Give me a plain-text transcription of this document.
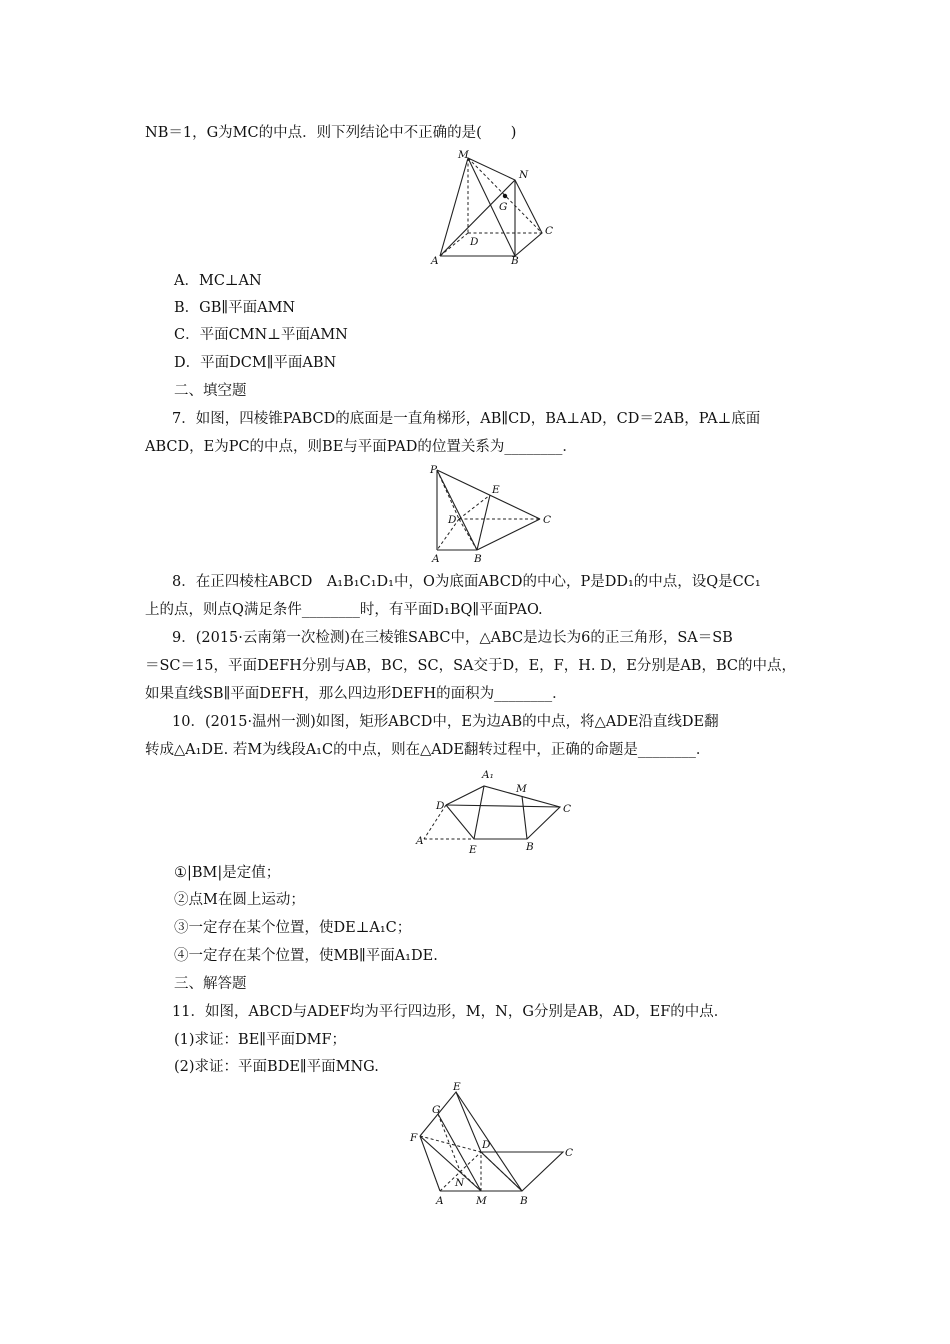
NB＝1，G为MC的中点．则下列结论中不正确的是(　　)
M
N
G
D
C
A	B
A．MC⊥AN
B．GB∥平面AMN
C．平面CMN⊥平面AMN
D．平面DCM∥平面ABN
二、填空题
7．如图，四棱锥PABCD的底面是一直角梯形，AB∥CD，BA⊥AD，CD＝2AB，PA⊥底面
ABCD，E为PC的中点，则BE与平面PAD的位置关系为________．
P
E
D	C
A	B
8．在正四棱柱ABCD　A₁B₁C₁D₁中，O为底面ABCD的中心，P是DD₁的中点，设Q是CC₁
上的点，则点Q满足条件________时，有平面D₁BQ∥平面PAO.
9．(2015·云南第一次检测)在三棱锥SABC中，△ABC是边长为6的正三角形，SA＝SB
＝SC＝15，平面DEFH分别与AB，BC，SC，SA交于D，E，F，H. D，E分别是AB，BC的中点，
如果直线SB∥平面DEFH，那么四边形DEFH的面积为________．
10．(2015·温州一测)如图，矩形ABCD中，E为边AB的中点，将△ADE沿直线DE翻
转成△A₁DE. 若M为线段A₁C的中点，则在△ADE翻转过程中，正确的命题是________．
A₁
M
D	C
A
E	B
①|BM|是定值；
②点M在圆上运动；
③一定存在某个位置，使DE⊥A₁C；
④一定存在某个位置，使MB∥平面A₁DE.
三、解答题
11．如图，ABCD与ADEF均为平行四边形，M，N，G分别是AB，AD，EF的中点．
(1)求证：BE∥平面DMF；
(2)求证：平面BDE∥平面MNG.
E
G
F
D
C
N
A	M	B
